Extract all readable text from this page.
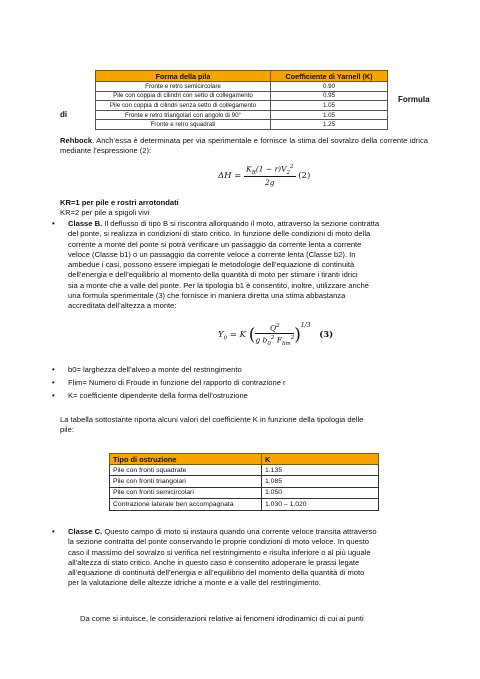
Forma della pila	Coefficiente di Yarnell (K)
Fronte e retro semicircolare	0.90
Pile con coppia di cilindri con setto di collegamento	0.95
Pile con coppia di cilindri senza setto di collegamento	1.05
Fronte e retro triangolari con angolo di 90°	1.05
Fronte e retro squadrati	1.25
Formula
di
Rehbock. Anch’essa è determinata per via sperimentale e fornisce la stima del sovralzo della corrente idrica mediante l’espressione (2):
$\Delta H = \frac{K_R(1 - r)V_2^2}{2g} (2)$
KR=1 per pile e rostri arrotondati
KR=2 per pile a spigoli vivi
• Classe B. Il deflusso di tipo B si riscontra allorquando il moto, attraverso la sezione contratta
del ponte, si realizza in condizioni di stato critico. In funzione delle condizioni di moto della
corrente a monte del ponte si potrà verificare un passaggio da corrente lenta a corrente
veloce (Classe b1) o un passaggio da corrente veloce a corrente lenta (Classe b2). In
ambedue i casi, possono essere impiegati le metodologie dell’equazione di continuità
dell’energia e dell’equilibrio al momento della quantità di moto per stimare i tiranti idrici
sia a monte che a valle del ponte. Per la tipologia b1 è consentito, inoltre, utilizzare anche
una formula sperimentale (3) che fornisce in maniera diretta una stima abbastanza
accreditata dell’altezza a monte:
$Y_0 = K$ ( $\frac{Q^2}{g b_0^2 F_{lim}^2} )^{1/3}$ (3)
• b0= larghezza dell’alveo a monte del restringimento
• Flim= Numero di Froude in funzione del rapporto di contrazione r
• K= coefficiente dipendente della forma dell’ostruzione
La tabella sottostante riporta alcuni valori del coefficiente K in funzione della tipologia delle
pile:
Tipo di ostruzione	K
Pile con fronti squadrate	1.135
Pile con fronti triangolari	1.085
Pile con fronti semicircolari	1.050
Contrazione laterale ben accompagnata	1.030 – 1.020
• Classe C. Questo campo di moto si instaura quando una corrente veloce transita attraverso
la sezione contratta del ponte conservando le proprie condizioni di moto veloce. In questo
caso il massimo del sovralzo si verifica nel restringimento e risulta inferiore o al più uguale
all’altezza di stato critico. Anche in questo caso è consentito adoperare le prassi legate
all’equazione di continuità dell’energia e all’equilibrio del momento della quantità di moto
per la valutazione delle altezze idriche a monte e a valle del restringimento.
Da come si intuisce, le considerazioni relative ai fenomeni idrodinamici di cui ai punti
